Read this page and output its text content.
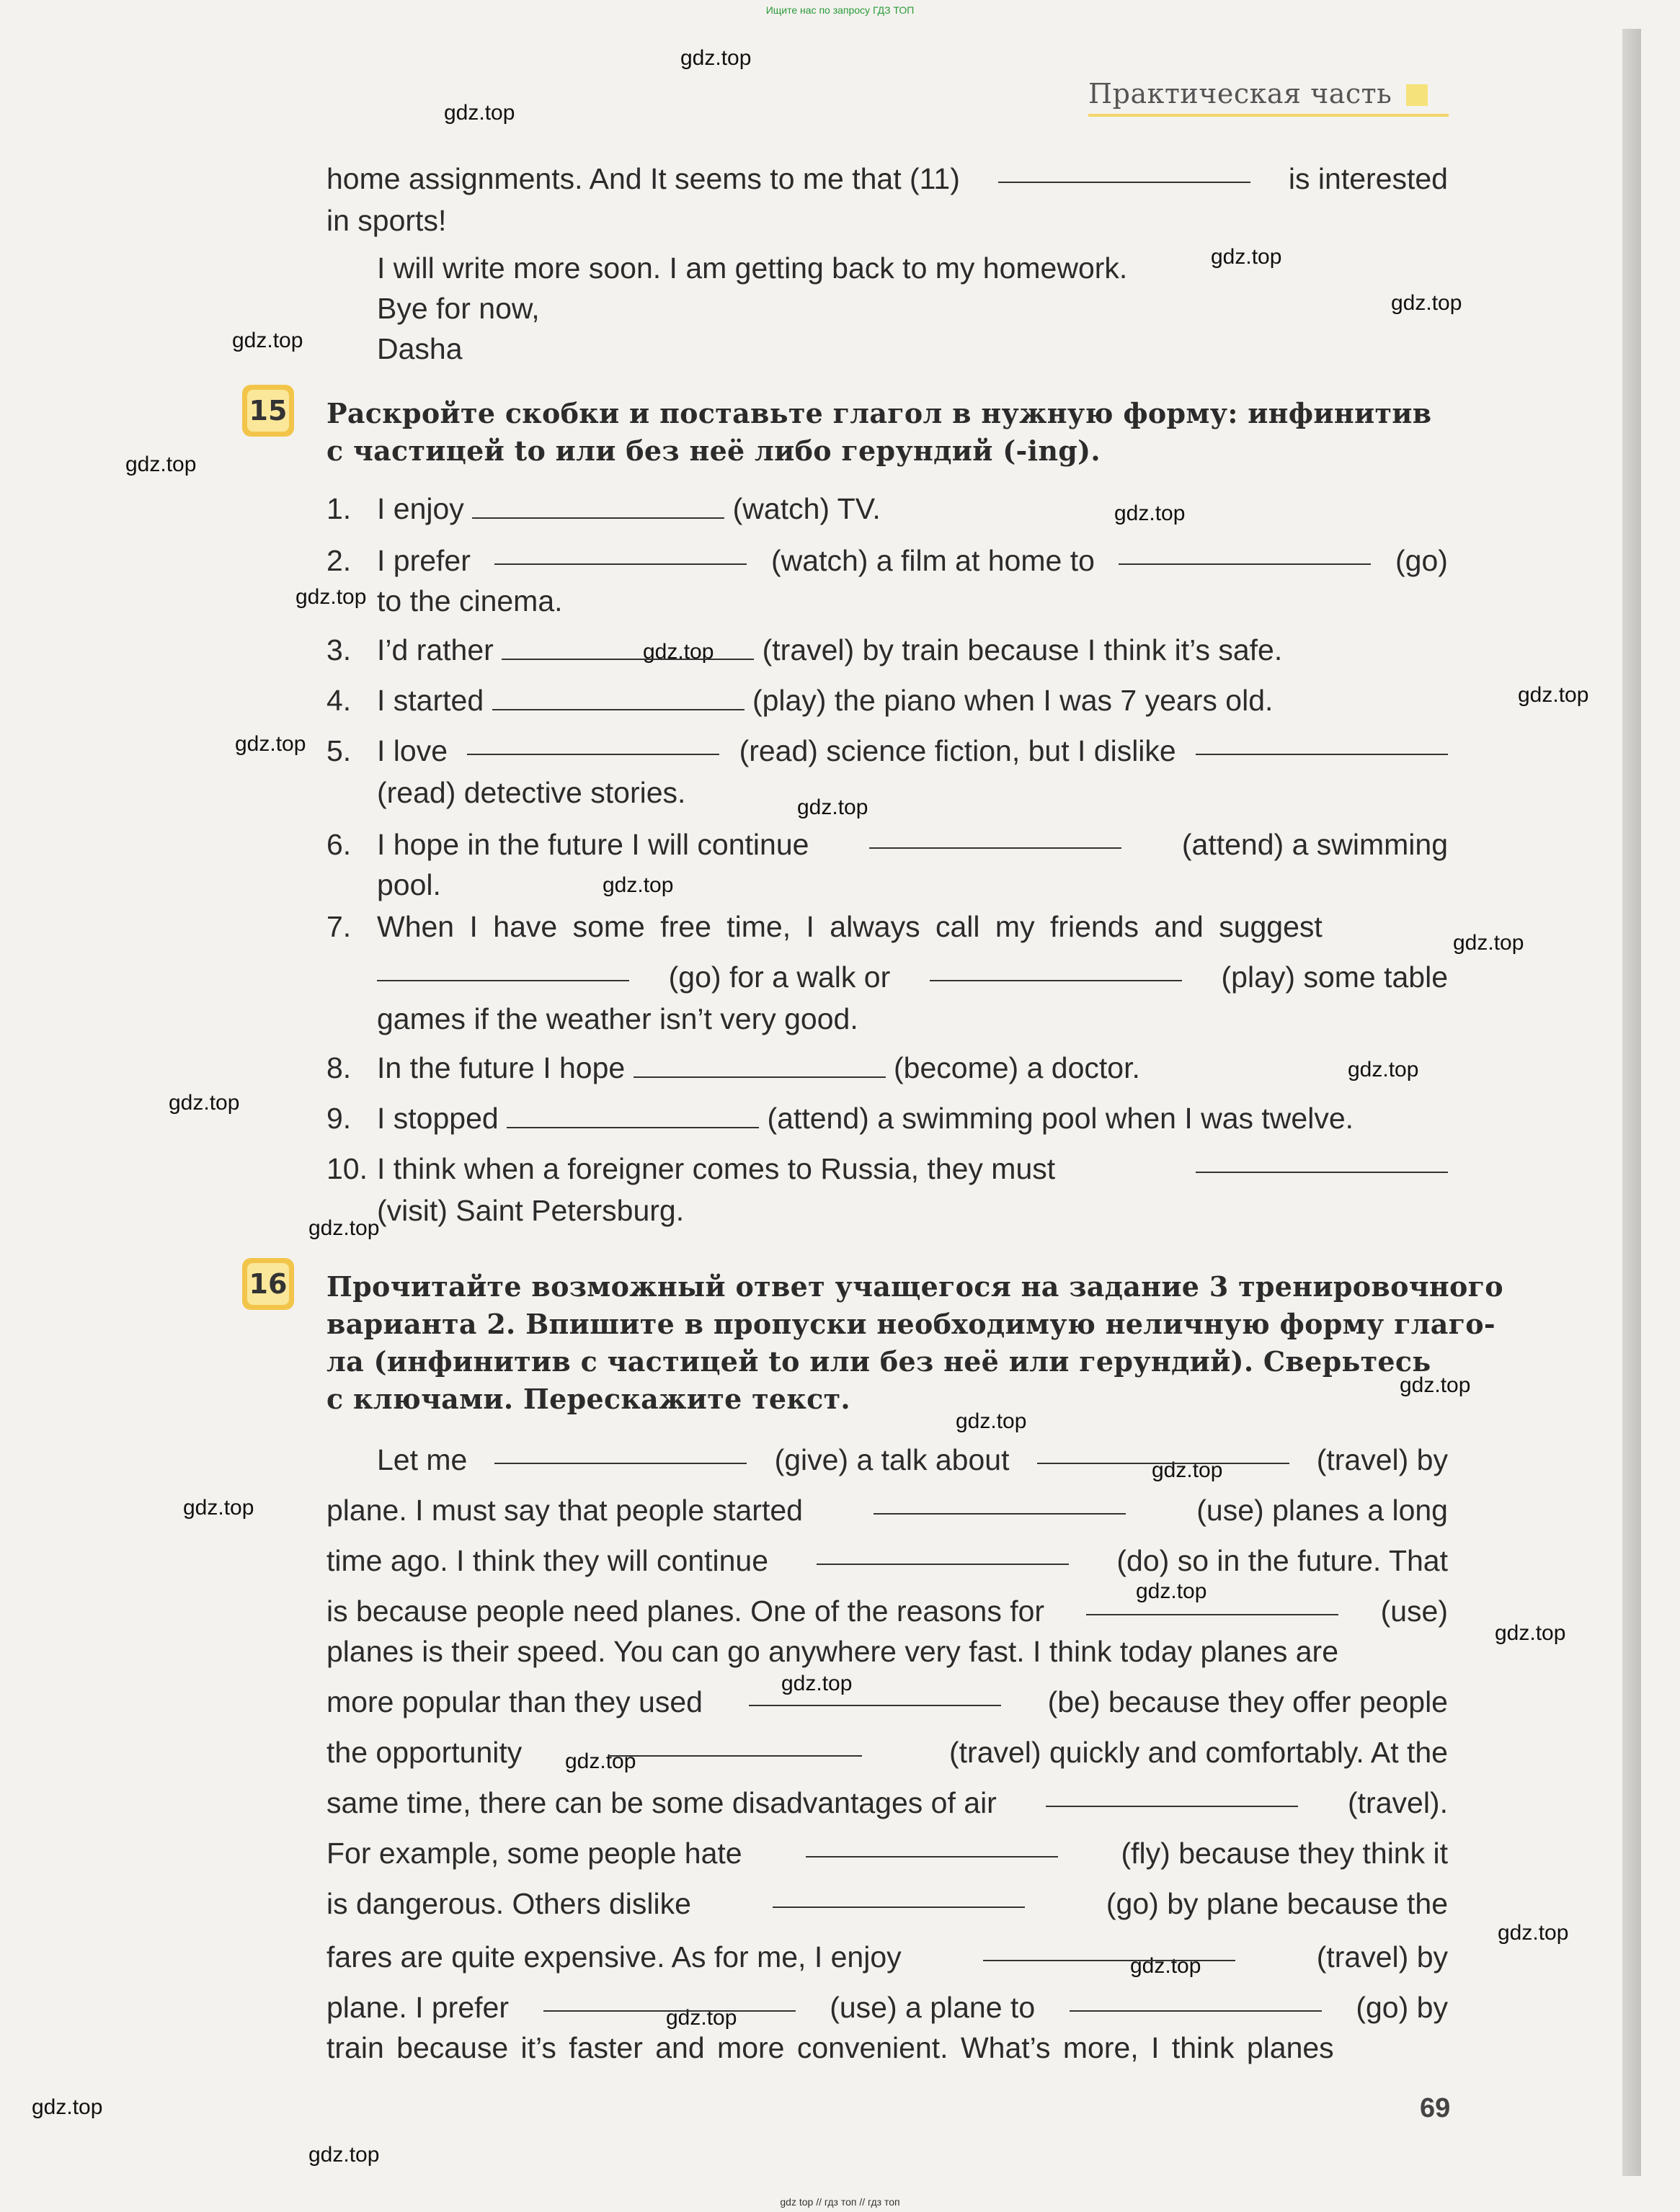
Ищите нас по запросу ГДЗ ТОП
Практическая часть
gdz.top
gdz.top
gdz.top
gdz.top
gdz.top
gdz.top
gdz.top
gdz.top
gdz.top
gdz.top
gdz.top
gdz.top
gdz.top
gdz.top
gdz.top
gdz.top
gdz.top
gdz.top
gdz.top
gdz.top
gdz.top
gdz.top
gdz.top
gdz.top
gdz.top
gdz.top
gdz.top
gdz.top
gdz.top
gdz.top
home assignments. And It seems to me that (11)	is interested
in sports!
I will write more soon. I am getting back to my homework.
Bye for now,
Dasha
15 Раскройте скобки и поставьте глагол в нужную форму: инфинитив
с частицей to или без неё либо герундий (-ing).
1. I enjoy	(watch) TV.
2. I prefer	(watch) a film at home to	(go)
to the cinema.
3. I’d rather	(travel) by train because I think it’s safe.
4. I started	(play) the piano when I was 7 years old.
5. I love	(read) science fiction, but I dislike
(read) detective stories.
6. I hope in the future I will continue	(attend) a swimming
pool.
7. When I have some free time, I always call my friends and suggest
(go) for a walk or	(play) some table
games if the weather isn’t very good.
8. In the future I hope	(become) a doctor.
9. I stopped	(attend) a swimming pool when I was twelve.
10. I think when a foreigner comes to Russia, they must
(visit) Saint Petersburg.
16 Прочитайте возможный ответ учащегося на задание 3 тренировочного
варианта 2. Впишите в пропуски необходимую неличную форму глаго-
ла (инфинитив с частицей to или без неё или герундий). Сверьтесь
с ключами. Перескажите текст.
Let me	(give) a talk about	(travel) by
plane. I must say that people started	(use) planes a long
time ago. I think they will continue	(do) so in the future. That
is because people need planes. One of the reasons for	(use)
planes is their speed. You can go anywhere very fast. I think today planes are
more popular than they used	(be) because they offer people
the opportunity	(travel) quickly and comfortably. At the
same time, there can be some disadvantages of air	(travel).
For example, some people hate	(fly) because they think it
is dangerous. Others dislike	(go) by plane because the
fares are quite expensive. As for me, I enjoy	(travel) by
plane. I prefer	(use) a plane to	(go) by
train because it’s faster and more convenient. What’s more, I think planes
69
gdz top // гдз топ // гдз топ
